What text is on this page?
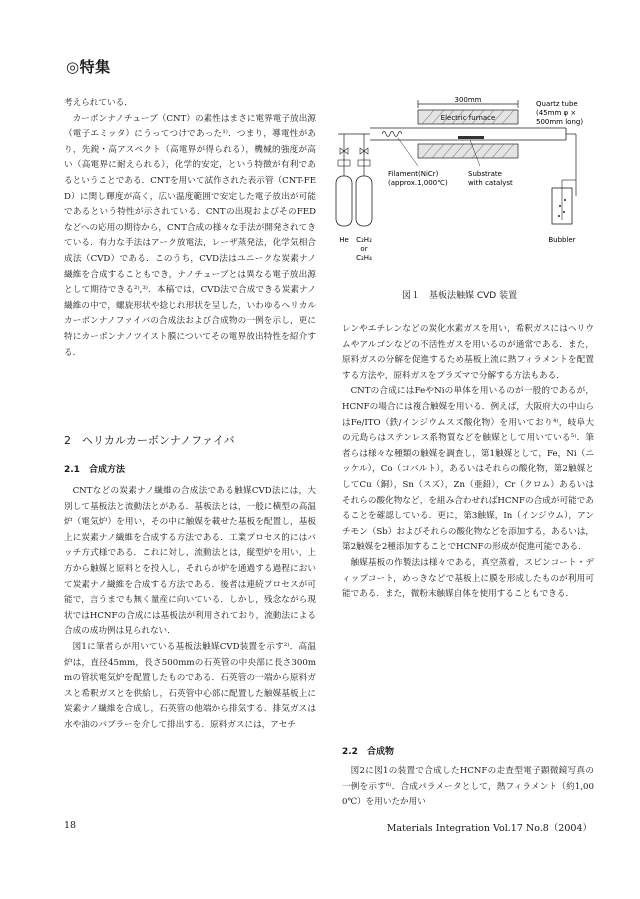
◎特集

考えられている．

カーボンナノチューブ（CNT）の素性はまさに電界電子放出源（電子エミッタ）にうってつけであった¹⁾．つまり，導電性があり，先鋭・高アスペクト（高電界が得られる），機械的強度が高い（高電界に耐えられる），化学的安定，という特徴が有利であるということである．CNTを用いて試作された表示管（CNT-FED）に関し輝度が高く，広い温度範囲で安定した電子放出が可能であるという特性が示されている．CNTの出現およびそのFEDなどへの応用の期待から，CNT合成の様々な手法が開発されてきている．有力な手法はアーク放電法，レーザ蒸発法，化学気相合成法（CVD）である．このうち，CVD法はユニークな炭素ナノ繊維を合成することもでき，ナノチューブとは異なる電子放出源として期待できる²⁾,³⁾．本稿では，CVD法で合成できる炭素ナノ繊維の中で，螺旋形状や捻じれ形状を呈した，いわゆるヘリカルカーボンナノファイバの合成法および合成物の一例を示し，更に特にカーボンナノツイスト膜についてその電界放出特性を紹介する．

2　ヘリカルカーボンナノファイバ
2.1　合成方法

CNTなどの炭素ナノ繊維の合成法である触媒CVD法には，大別して基板法と流動法とがある．基板法とは，一般に横型の高温炉（電気炉）を用い，その中に触媒を載せた基板を配置し，基板上に炭素ナノ繊維を合成する方法である．工業プロセス的にはバッチ方式様である．これに対し，流動法とは，縦型炉を用い，上方から触媒と原料とを投入し，それらが炉を通過する過程において炭素ナノ繊維を合成する方法である．後者は連続プロセスが可能で，言うまでも無く量産に向いている．しかし，残念ながら現状ではHCNFの合成には基板法が利用されており，流動法による合成の成功例は見られない．

図1に筆者らが用いている基板法触媒CVD装置を示す²⁾．高温炉は，直径45mm，長さ500mmの石英管の中央部に長さ300mmの管状電気炉を配置したものである．石英管の一端から原料ガスと希釈ガスとを供給し，石英管中心部に配置した触媒基板上に炭素ナノ繊維を合成し，石英管の他端から排気する．排気ガスは水や油のバブラーを介して排出する．原料ガスには，アセチ

300mm
Electric furnace
Quartz tube
(45mm φ ×
500mm long)
Filament(NiCr)
(approx.1,000℃)
Substrate
with catalyst
He C₂H₂
or
C₂H₄
Bubbler
図１　基板法触媒 CVD 装置

レンやエチレンなどの炭化水素ガスを用い，希釈ガスにはヘリウムやアルゴンなどの不活性ガスを用いるのが通常である．また，原料ガスの分解を促進するため基板上流に熱フィラメントを配置する方法や，原料ガスをプラズマで分解する方法もある．

CNTの合成にはFeやNiの単体を用いるのが一般的であるが，HCNFの場合には複合触媒を用いる．例えば，大阪府大の中山らはFe/ITO（鉄/インジウムスズ酸化物）を用いており⁴⁾，岐阜大の元島らはステンレス系物質などを触媒として用いている⁵⁾．筆者らは様々な種類の触媒を調査し，第1触媒として，Fe，Ni（ニッケル），Co（コバルト），あるいはそれらの酸化物，第2触媒としてCu（銅），Sn（スズ），Zn（亜鉛），Cr（クロム）あるいはそれらの酸化物など，を組み合わせればHCNFの合成が可能であることを確認している．更に，第3触媒，In（インジウム），アンチモン（Sb）およびそれらの酸化物などを添加する，あるいは，第2触媒を2種添加することでHCNFの形成が促進可能である．

触媒基板の作製法は様々である，真空蒸着，スピンコート・ディップコート，めっきなどで基板上に膜を形成したものが利用可能である．また，微粉末触媒自体を使用することもできる．

2.2　合成物

図2に図1の装置で合成したHCNFの走査型電子顕微鏡写真の一例を示す⁶⁾．合成パラメータとして，熱フィラメント（約1,000℃）を用いたか用い

18	Materials Integration Vol.17 No.8（2004）
